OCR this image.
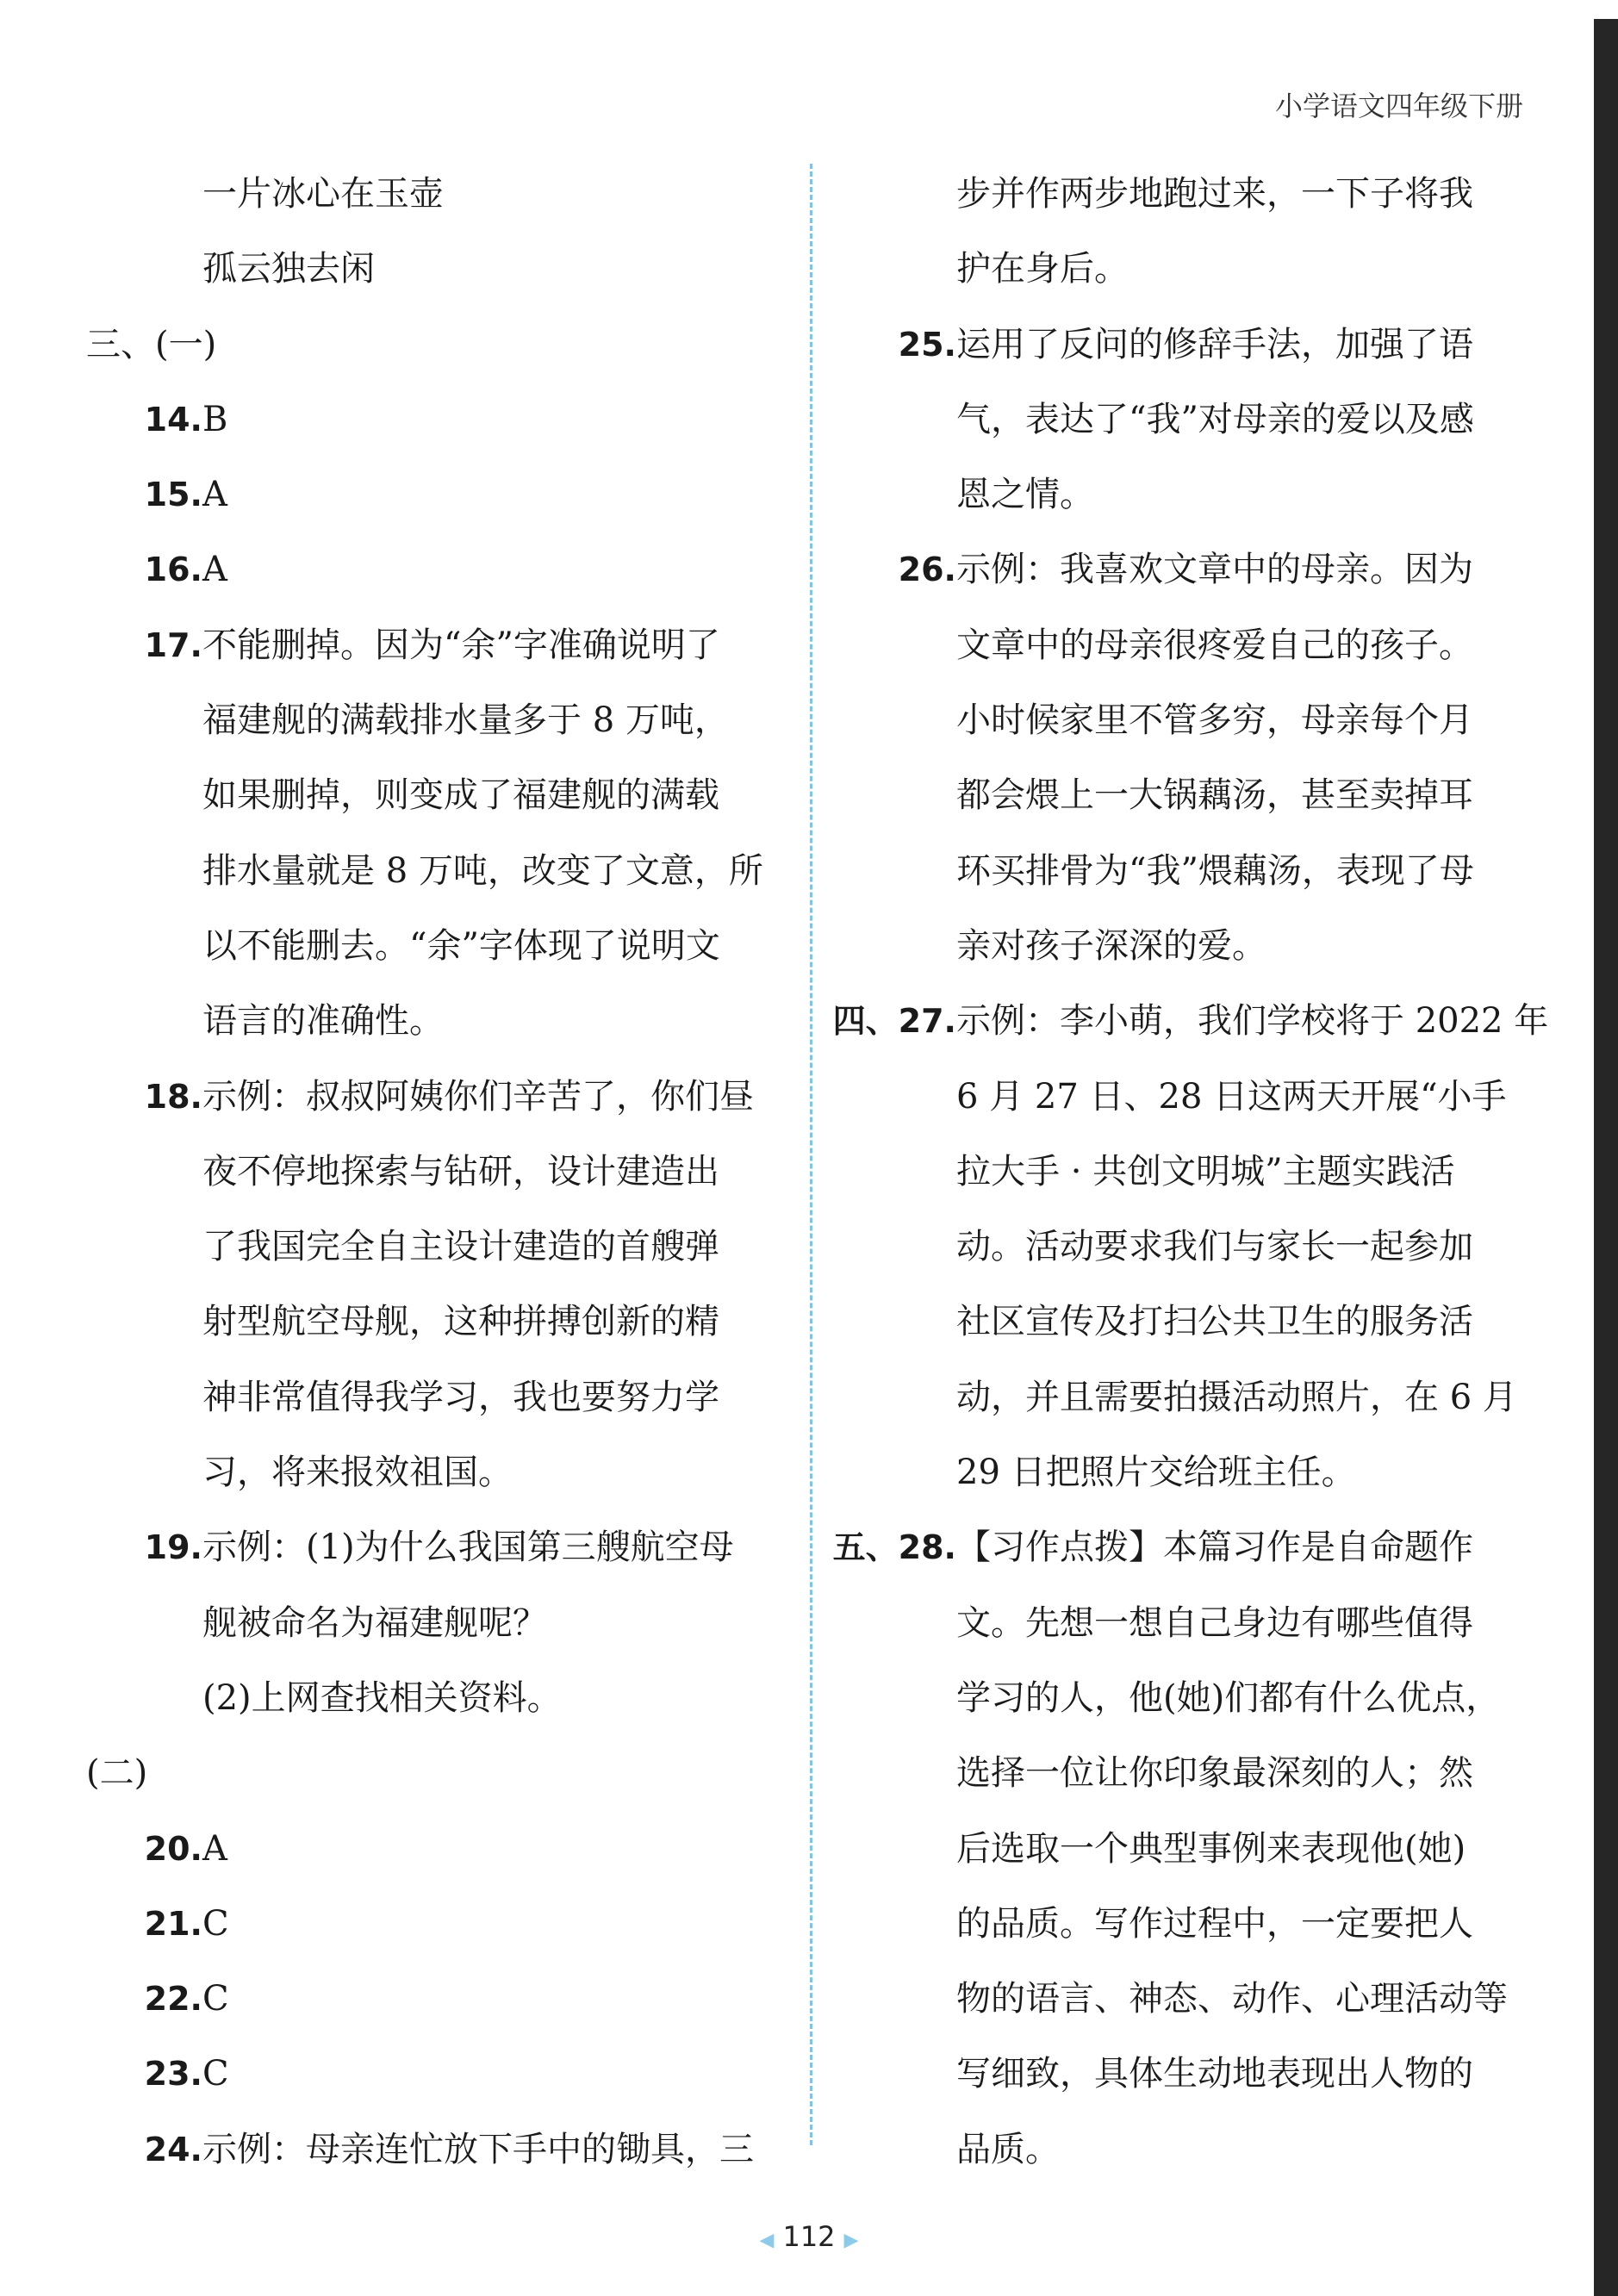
小学语文四年级下册
一片冰心在玉壶
孤云独去闲
三、(一)
14. B
15. A
16. A
17. 不能删掉。因为“余”字准确说明了
福建舰的满载排水量多于 8 万吨，
如果删掉，则变成了福建舰的满载
排水量就是 8 万吨，改变了文意，所
以不能删去。“余”字体现了说明文
语言的准确性。
18. 示例：叔叔阿姨你们辛苦了，你们昼
夜不停地探索与钻研，设计建造出
了我国完全自主设计建造的首艘弹
射型航空母舰，这种拼搏创新的精
神非常值得我学习，我也要努力学
习，将来报效祖国。
19. 示例：(1)为什么我国第三艘航空母
舰被命名为福建舰呢？
(2)上网查找相关资料。
(二)
20. A
21. C
22. C
23. C
24. 示例：母亲连忙放下手中的锄具，三
步并作两步地跑过来，一下子将我
护在身后。
25. 运用了反问的修辞手法，加强了语
气，表达了“我”对母亲的爱以及感
恩之情。
26. 示例：我喜欢文章中的母亲。因为
文章中的母亲很疼爱自己的孩子。
小时候家里不管多穷，母亲每个月
都会煨上一大锅藕汤，甚至卖掉耳
环买排骨为“我”煨藕汤，表现了母
亲对孩子深深的爱。
四、27. 示例：李小萌，我们学校将于 2022 年
6 月 27 日、28 日这两天开展“小手
拉大手 · 共创文明城”主题实践活
动。活动要求我们与家长一起参加
社区宣传及打扫公共卫生的服务活
动，并且需要拍摄活动照片，在 6 月
29 日把照片交给班主任。
五、28. 【习作点拨】本篇习作是自命题作
文。先想一想自己身边有哪些值得
学习的人，他(她)们都有什么优点，
选择一位让你印象最深刻的人；然
后选取一个典型事例来表现他(她)
的品质。写作过程中，一定要把人
物的语言、神态、动作、心理活动等
写细致，具体生动地表现出人物的
品质。
◀ 112 ▶
